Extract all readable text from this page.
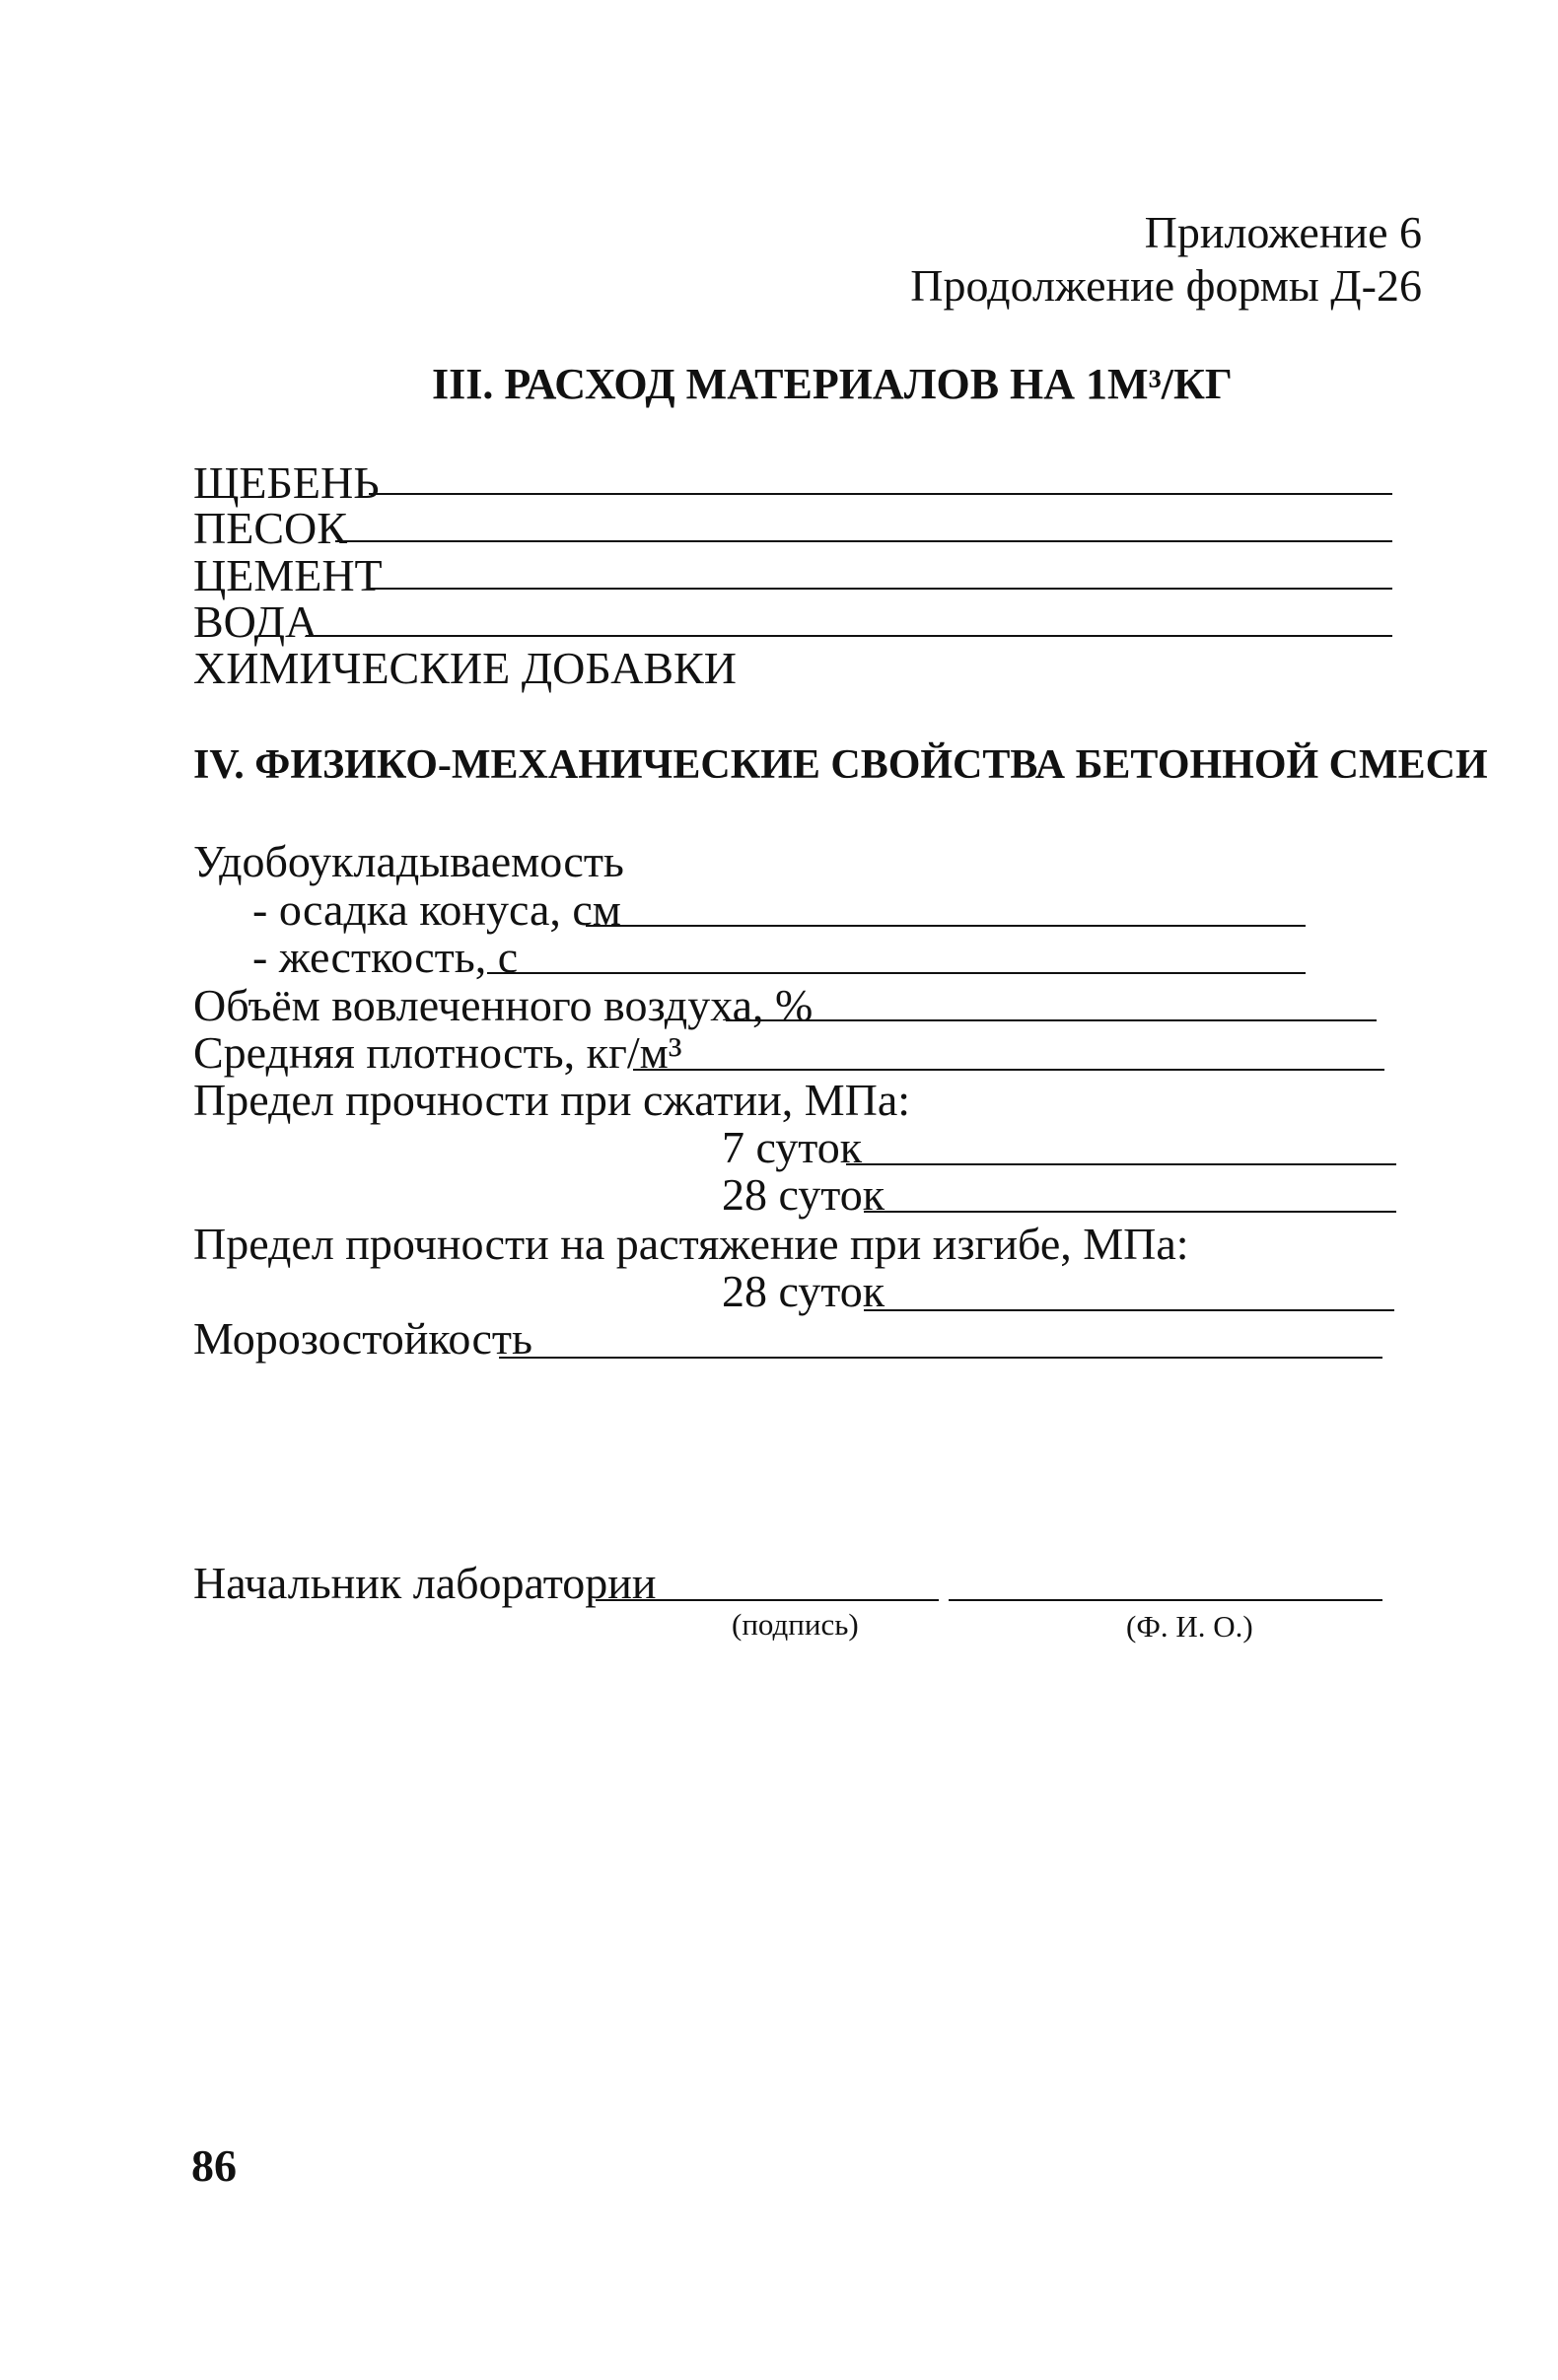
Приложение 6
Продолжение формы Д-26
III. РАСХОД МАТЕРИАЛОВ НА 1М³/КГ
ЩЕБЕНЬ
ПЕСОК
ЦЕМЕНТ
ВОДА
ХИМИЧЕСКИЕ ДОБАВКИ
IV. ФИЗИКО-МЕХАНИЧЕСКИЕ СВОЙСТВА БЕТОННОЙ СМЕСИ
Удобоукладываемость
- осадка конуса, см
- жесткость, с
Объём вовлеченного воздуха, %
Средняя плотность, кг/м³
Предел прочности при сжатии, МПа:
7 суток
28 суток
Предел прочности на растяжение при изгибе, МПа:
28 суток
Морозостойкость
Начальник лаборатории
(подпись)	(Ф. И. О.)
86
